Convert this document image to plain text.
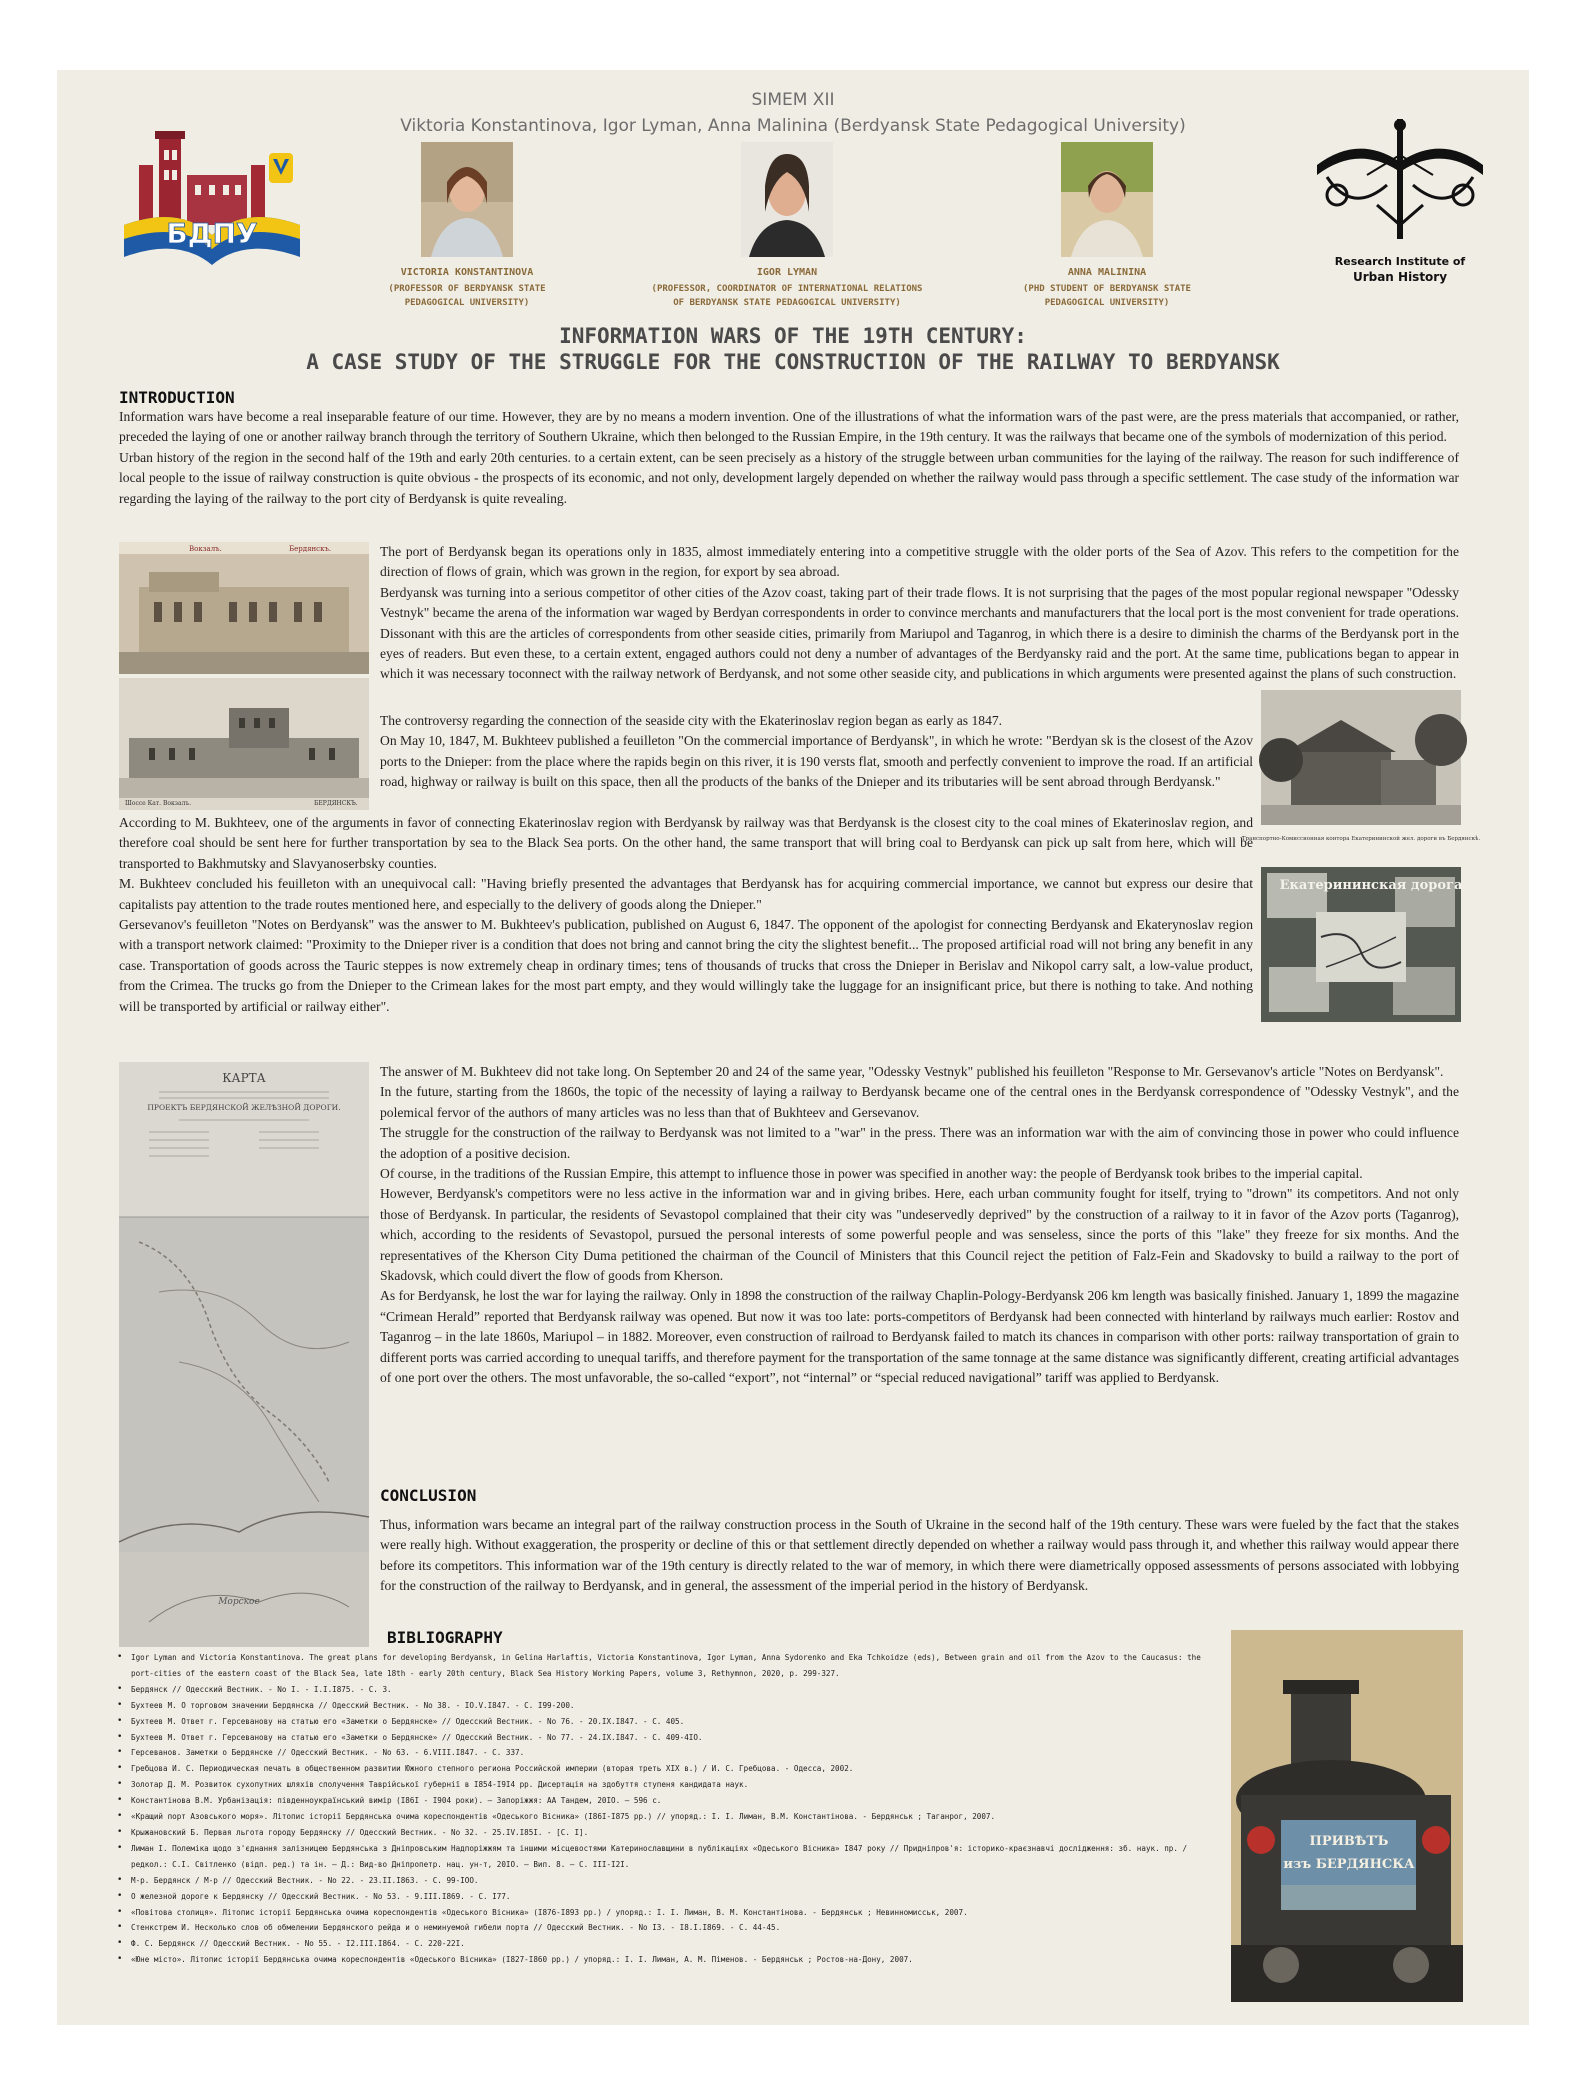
SIMEM XII
Viktoria Konstantinova, Igor Lyman, Anna Malinina (Berdyansk State Pedagogical University)
БДПУ
Research Institute of
Urban History
VICTORIA KONSTANTINOVA
(PROFESSOR OF BERDYANSK STATE
PEDAGOGICAL UNIVERSITY)
IGOR LYMAN
(PROFESSOR, COORDINATOR OF INTERNATIONAL RELATIONS
OF BERDYANSK STATE PEDAGOGICAL UNIVERSITY)
ANNA MALININA
(PHD STUDENT OF BERDYANSK STATE
PEDAGOGICAL UNIVERSITY)
INFORMATION WARS OF THE 19TH CENTURY:
A CASE STUDY OF THE STRUGGLE FOR THE CONSTRUCTION OF THE RAILWAY TO BERDYANSK
INTRODUCTION

Information wars have become a real inseparable feature of our time. However, they are by no means a modern invention. One of the illustrations of what the information wars of the past were, are the press materials that accompanied, or rather, preceded the laying of one or another railway branch through the territory of Southern Ukraine, which then belonged to the Russian Empire, in the 19th century. It was the railways that became one of the symbols of modernization of this period.

Urban history of the region in the second half of the 19th and early 20th centuries. to a certain extent, can be seen precisely as a history of the struggle between urban communities for the laying of the railway. The reason for such indifference of local people to the issue of railway construction is quite obvious - the prospects of its economic, and not only, development largely depended on whether the railway would pass through a specific settlement. The case study of the information war regarding the laying of the railway to the port city of Berdyansk is quite revealing.

Вокзалъ.	Бердянскъ.
Шоссе Кат. Вокзалъ.	БЕРДЯНСКЪ.

The port of Berdyansk began its operations only in 1835, almost immediately entering into a competitive struggle with the older ports of the Sea of Azov. This refers to the competition for the direction of flows of grain, which was grown in the region, for export by sea abroad.

Berdyansk was turning into a serious competitor of other cities of the Azov coast, taking part of their trade flows. It is not surprising that the pages of the most popular regional newspaper "Odessky Vestnyk" became the arena of the information war waged by Berdyan correspondents in order to convince merchants and manufacturers that the local port is the most convenient for trade operations. Dissonant with this are the articles of correspondents from other seaside cities, primarily from Mariupol and Taganrog, in which there is a desire to diminish the charms of the Berdyansk port in the eyes of readers. But even these, to a certain extent, engaged authors could not deny a number of advantages of the Berdyansky raid and the port. At the same time, publications began to appear in which it was necessary toconnect with the railway network of Berdyansk, and not some other seaside city, and publications in which arguments were presented against the plans of such construction.

The controversy regarding the connection of the seaside city with the Ekaterinoslav region began as early as 1847.

On May 10, 1847, M. Bukhteev published a feuilleton "On the commercial importance of Berdyansk", in which he wrote: "Berdyan sk is the closest of the Azov ports to the Dnieper: from the place where the rapids begin on this river, it is 190 versts flat, smooth and perfectly convenient to improve the road. If an artificial road, highway or railway is built on this space, then all the products of the banks of the Dnieper and its tributaries will be sent abroad through Berdyansk."

Транспортно-Комиссионная контора Екатерининской жел. дороги въ Бердянскѣ.
Екатерининская дорога

According to M. Bukhteev, one of the arguments in favor of connecting Ekaterinoslav region with Berdyansk by railway was that Berdyansk is the closest city to the coal mines of Ekaterinoslav region, and therefore coal should be sent here for further transportation by sea to the Black Sea ports. On the other hand, the same transport that will bring coal to Berdyansk can pick up salt from here, which will be transported to Bakhmutsky and Slavyanoserbsky counties.

M. Bukhteev concluded his feuilleton with an unequivocal call: "Having briefly presented the advantages that Berdyansk has for acquiring commercial importance, we cannot but express our desire that capitalists pay attention to the trade routes mentioned here, and especially to the delivery of goods along the Dnieper."

Gersevanov's feuilleton "Notes on Berdyansk" was the answer to M. Bukhteev's publication, published on August 6, 1847. The opponent of the apologist for connecting Berdyansk and Ekaterynoslav region with a transport network claimed: "Proximity to the Dnieper river is a condition that does not bring and cannot bring the city the slightest benefit... The proposed artificial road will not bring any benefit in any case. Transportation of goods across the Tauric steppes is now extremely cheap in ordinary times; tens of thousands of trucks that cross the Dnieper in Berislav and Nikopol carry salt, a low-value product, from the Crimea. The trucks go from the Dnieper to the Crimean lakes for the most part empty, and they would willingly take the luggage for an insignificant price, but there is nothing to take. And nothing will be transported by artificial or railway either".

КАРТА
ПРОЕКТЪ БЕРДЯНСКОЙ ЖЕЛѢЗНОЙ ДОРОГИ.
Морское

The answer of M. Bukhteev did not take long. On September 20 and 24 of the same year, "Odessky Vestnyk" published his feuilleton "Response to Mr. Gersevanov's article "Notes on Berdyansk".

In the future, starting from the 1860s, the topic of the necessity of laying a railway to Berdyansk became one of the central ones in the Berdyansk correspondence of "Odessky Vestnyk", and the polemical fervor of the authors of many articles was no less than that of Bukhteev and Gersevanov.

The struggle for the construction of the railway to Berdyansk was not limited to a "war" in the press. There was an information war with the aim of convincing those in power who could influence the adoption of a positive decision.

Of course, in the traditions of the Russian Empire, this attempt to influence those in power was specified in another way: the people of Berdyansk took bribes to the imperial capital.

However, Berdyansk's competitors were no less active in the information war and in giving bribes. Here, each urban community fought for itself, trying to "drown" its competitors. And not only those of Berdyansk. In particular, the residents of Sevastopol complained that their city was "undeservedly deprived" by the construction of a railway to it in favor of the Azov ports (Taganrog), which, according to the residents of Sevastopol, pursued the personal interests of some powerful people and was senseless, since the ports of this "lake" they freeze for six months. And the representatives of the Kherson City Duma petitioned the chairman of the Council of Ministers that this Council reject the petition of Falz-Fein and Skadovsky to build a railway to the port of Skadovsk, which could divert the flow of goods from Kherson.

As for Berdyansk, he lost the war for laying the railway. Only in 1898 the construction of the railway Chaplin-Pology-Berdyansk 206 km length was basically finished. January 1, 1899 the magazine “Crimean Herald” reported that Berdyansk railway was opened. But now it was too late: ports-competitors of Berdyansk had been connected with hinterland by railways much earlier: Rostov and Taganrog – in the late 1860s, Mariupol – in 1882. Moreover, even construction of railroad to Berdyansk failed to match its chances in comparison with other ports: railway transportation of grain to different ports was carried according to unequal tariffs, and therefore payment for the transportation of the same tonnage at the same distance was significantly different, creating artificial advantages of one port over the others. The most unfavorable, the so-called “export”, not “internal” or “special reduced navigational” tariff was applied to Berdyansk.

CONCLUSION
Thus, information wars became an integral part of the railway construction process in the South of Ukraine in the second half of the 19th century. These wars were fueled by the fact that the stakes were really high. Without exaggeration, the prosperity or decline of this or that settlement directly depended on whether a railway would pass through it, and whether this railway would appear there before its competitors. This information war of the 19th century is directly related to the war of memory, in which there were diametrically opposed assessments of persons associated with lobbying for the construction of the railway to Berdyansk, and in general, the assessment of the imperial period in the history of Berdyansk.
BIBLIOGRAPHY
• Igor Lyman and Victoria Konstantinova. The great plans for developing Berdyansk, in Gelina Harlaftis, Victoria Konstantinova, Igor Lyman, Anna Sydorenko and Eka Tchkoidze (eds), Between grain and oil from the Azov to the Caucasus: the port-cities of the eastern coast of the Black Sea, late 18th - early 20th century, Black Sea History Working Papers, volume 3, Rethymnon, 2020, p. 299-327.
• Бердянск // Одесский Вестник. - No I. - I.I.I875. - С. 3.
• Бухтеев М. О торговом значении Бердянска // Одесский Вестник. - No 38. - IO.V.I847. - С. I99-200.
• Бухтеев М. Ответ г. Герсеванову на статью его «Заметки о Бердянске» // Одесский Вестник. - No 76. - 20.IX.I847. - С. 405.
• Бухтеев М. Ответ г. Герсеванову на статью его «Заметки о Бердянске» // Одесский Вестник. - No 77. - 24.IX.I847. - С. 409-4IO.
• Герсеванов. Заметки о Бердянске // Одесский Вестник. - No 63. - 6.VIII.I847. - С. 337.
• Гребцова И. С. Периодическая печать в общественном развитии Южного степного региона Российской империи (вторая треть XIX в.) / И. С. Гребцова. - Одесса, 2002.
• Золотар Д. М. Розвиток сухопутних шляхів сполучення Таврійської губернії в I854-I9I4 рр. Дисертація на здобуття ступеня кандидата наук.
• Константінова В.М. Урбанізація: південноукраїнський вимір (I86I - I904 роки). – Запоріжжя: АА Тандем, 20IO. – 596 с.
• «Кращий порт Азовського моря». Літопис історії Бердянська очима кореспондентів «Одеського Вісника» (I86I-I875 рр.) // упоряд.: І. І. Лиман, В.М. Константінова. - Бердянськ ; Таганрог, 2007.
• Крыжановский Б. Первая льгота городу Бердянску // Одесский Вестник. - No 32. - 25.IV.I85I. - [С. I].
• Лиман І. Полеміка щодо з'єднання залізницею Бердянська з Дніпровським Надпоріжжям та іншими місцевостями Катеринославщини в публікаціях «Одеського Вісника» I847 року // Придніпров'я: історико-краєзнавчі дослідження: зб. наук. пр. / редкол.: С.І. Світленко (відп. ред.) та ін. – Д.: Вид-во Дніпропетр. нац. ун-т, 20IO. – Вип. 8. – С. III-I2I.
• М-р. Бердянск / М-р // Одесский Вестник. - No 22. - 23.II.I863. - С. 99-IOO.
• О железной дороге к Бердянску // Одесский Вестник. - No 53. - 9.III.I869. - С. I77.
• «Повітова столиця». Літопис історії Бердянська очима кореспондентів «Одеського Вісника» (I876-I893 рр.) / упоряд.: І. І. Лиман, В. М. Константінова. - Бердянськ ; Невинномисськ, 2007.
• Стенкстрем И. Несколько слов об обмелении Бердянского рейда и о неминуемой гибели порта // Одесский Вестник. - No I3. - I8.I.I869. - С. 44-45.
• Ф. С. Бердянск // Одесский Вестник. - No 55. - I2.III.I864. - С. 220-22I.
• «Юне місто». Літопис історії Бердянська очима кореспондентів «Одеського Вісника» (I827-I860 рр.) / упоряд.: І. І. Лиман, А. М. Піменов. - Бердянськ ; Ростов-на-Дону, 2007.
ПРИВѢТЪ
изъ БЕРДЯНСКА
